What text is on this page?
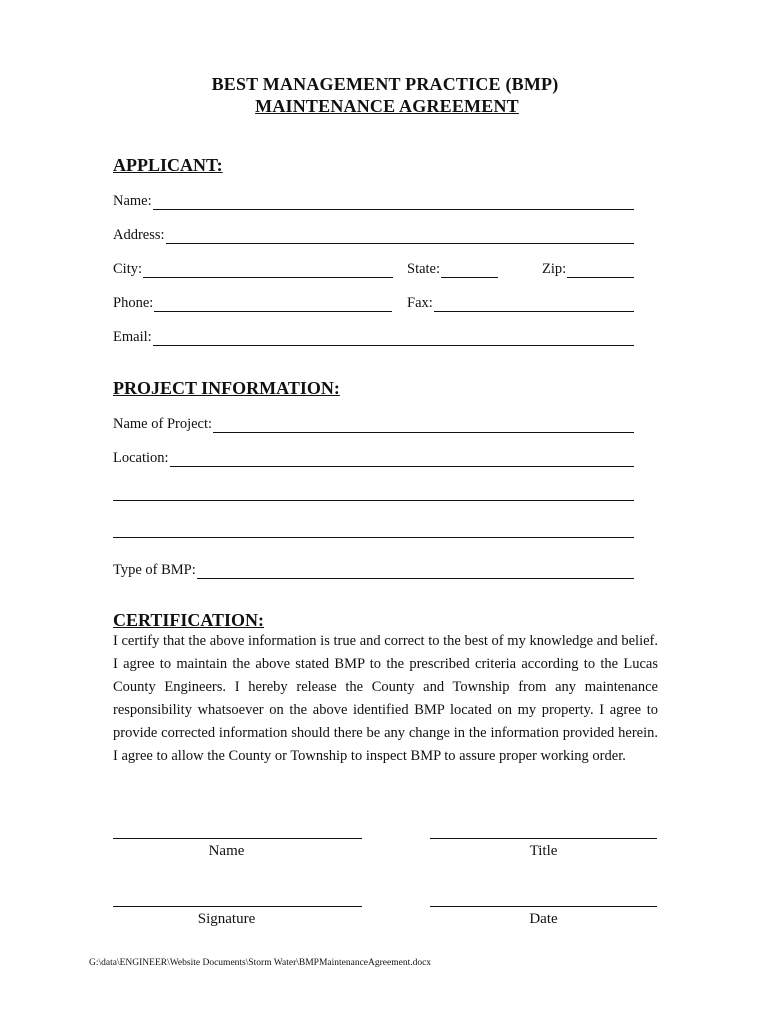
BEST MANAGEMENT PRACTICE (BMP)
MAINTENANCE AGREEMENT
APPLICANT:
Name:
Address:
City:	State:	Zip:
Phone:	Fax:
Email:
PROJECT INFORMATION:
Name of Project:
Location:
Type of BMP:
CERTIFICATION:
I certify that the above information is true and correct to the best of my knowledge and belief. I agree to maintain the above stated BMP to the prescribed criteria according to the Lucas County Engineers. I hereby release the County and Township from any maintenance responsibility whatsoever on the above identified BMP located on my property. I agree to provide corrected information should there be any change in the information provided herein. I agree to allow the County or Township to inspect BMP to assure proper working order.
Name	Title
Signature	Date
G:\data\ENGINEER\Website Documents\Storm Water\BMPMaintenanceAgreement.docx
